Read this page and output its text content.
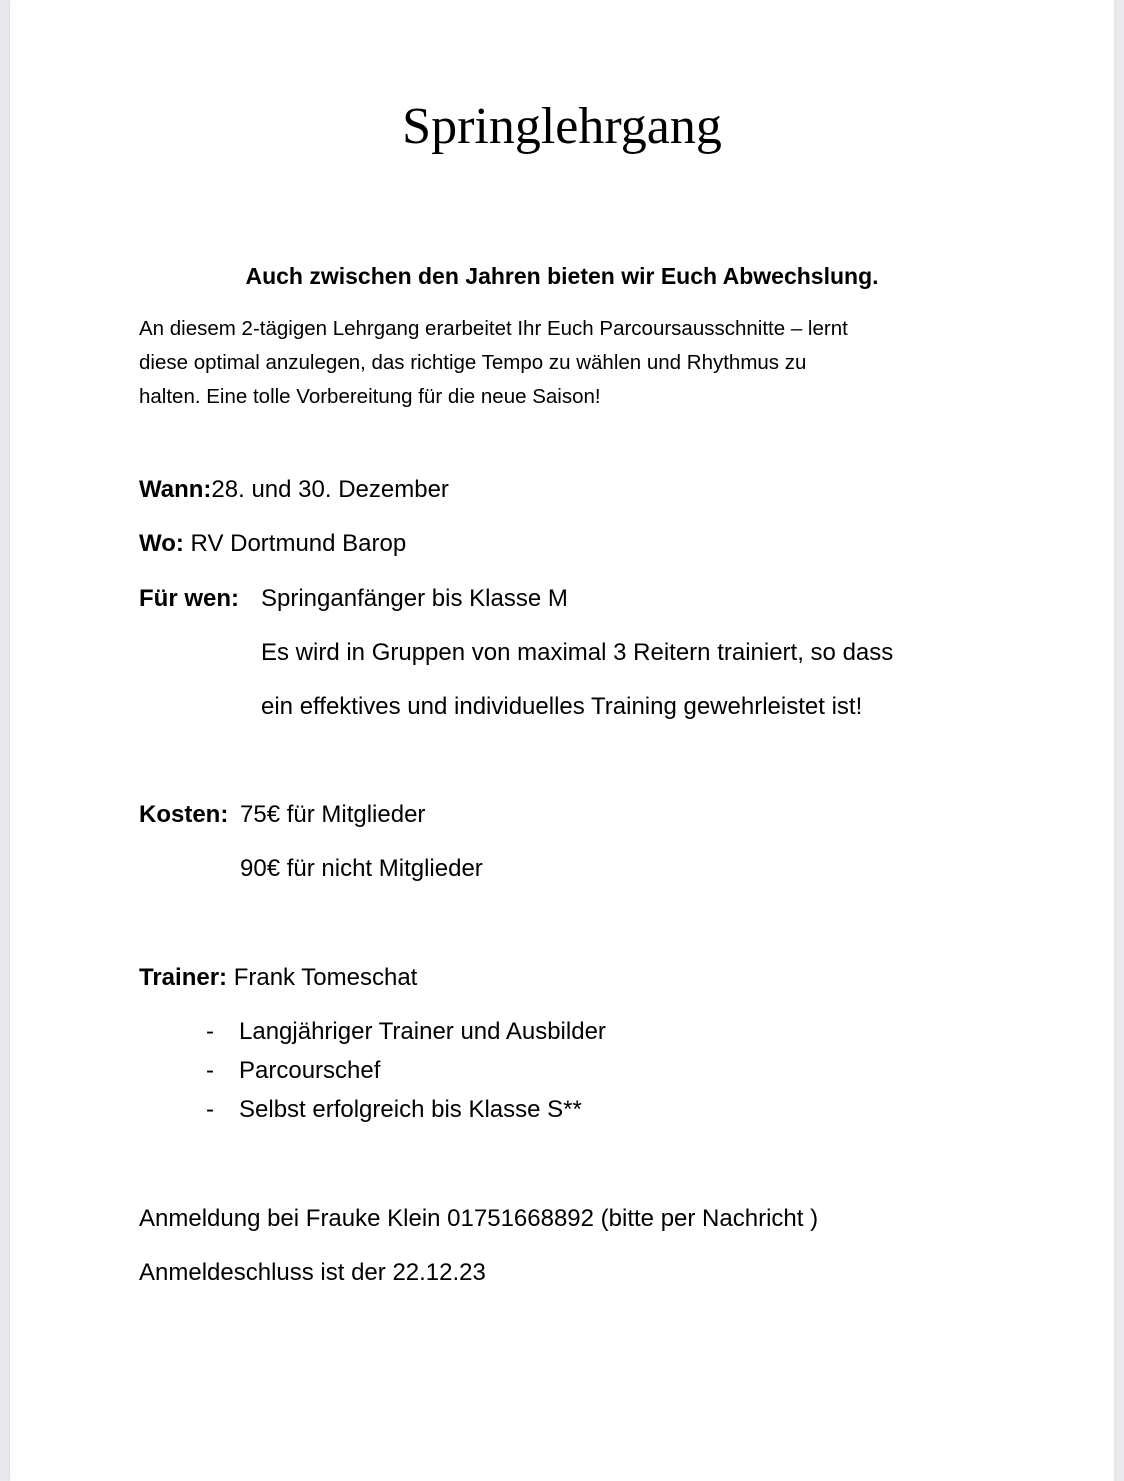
Springlehrgang
Auch zwischen den Jahren bieten wir Euch Abwechslung.
An diesem 2-tägigen Lehrgang erarbeitet Ihr Euch Parcoursausschnitte – lernt
diese optimal anzulegen, das richtige Tempo zu wählen und Rhythmus zu
halten. Eine tolle Vorbereitung für die neue Saison!
Wann:28. und 30. Dezember
Wo: RV Dortmund Barop
Für wen: Springanfänger bis Klasse M
Es wird in Gruppen von maximal 3 Reitern trainiert, so dass
ein effektives und individuelles Training gewehrleistet ist!
Kosten: 75€ für Mitglieder
90€ für nicht Mitglieder
Trainer: Frank Tomeschat
- Langjähriger Trainer und Ausbilder
- Parcourschef
- Selbst erfolgreich bis Klasse S**
Anmeldung bei Frauke Klein 01751668892 (bitte per Nachricht )
Anmeldeschluss ist der 22.12.23
